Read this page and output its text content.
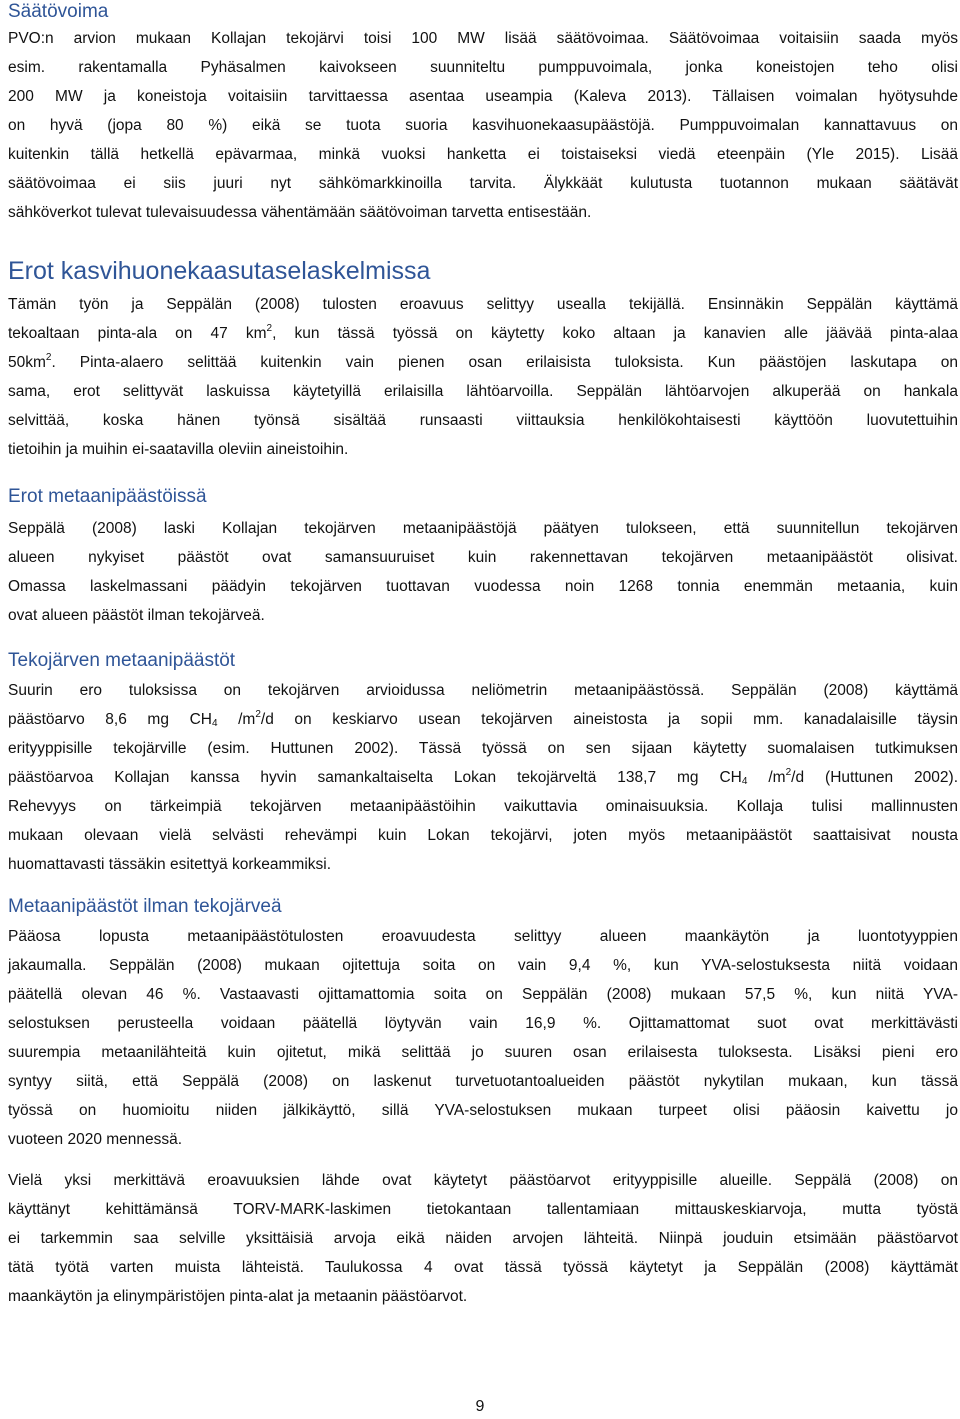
Säätövoima

PVO:n arvion mukaan Kollajan tekojärvi toisi 100 MW lisää säätövoimaa. Säätövoimaa voitaisiin saada myös
esim. rakentamalla Pyhäsalmen kaivokseen suunniteltu pumppuvoimala, jonka koneistojen teho olisi
200 MW ja koneistoja voitaisiin tarvittaessa asentaa useampia (Kaleva 2013). Tällaisen voimalan hyötysuhde
on hyvä (jopa 80 %) eikä se tuota suoria kasvihuonekaasupäästöjä. Pumppuvoimalan kannattavuus on
kuitenkin tällä hetkellä epävarmaa, minkä vuoksi hanketta ei toistaiseksi viedä eteenpäin (Yle 2015). Lisää
säätövoimaa ei siis juuri nyt sähkömarkkinoilla tarvita. Älykkäät kulutusta tuotannon mukaan säätävät
sähköverkot tulevat tulevaisuudessa vähentämään säätövoiman tarvetta entisestään.

Erot kasvihuonekaasutaselaskelmissa

Tämän työn ja Seppälän (2008) tulosten eroavuus selittyy usealla tekijällä. Ensinnäkin Seppälän käyttämä
tekoaltaan pinta-ala on 47 $km^2$, kun tässä työssä on käytetty koko altaan ja kanavien alle jäävää pinta-alaa
$50km^2$. Pinta-alaero selittää kuitenkin vain pienen osan erilaisista tuloksista. Kun päästöjen laskutapa on
sama, erot selittyvät laskuissa käytetyillä erilaisilla lähtöarvoilla. Seppälän lähtöarvojen alkuperää on hankala
selvittää, koska hänen työnsä sisältää runsaasti viittauksia henkilökohtaisesti käyttöön luovutettuihin
tietoihin ja muihin ei-saatavilla oleviin aineistoihin.

Erot metaanipäästöissä

Seppälä (2008) laski Kollajan tekojärven metaanipäästöjä päätyen tulokseen, että suunnitellun tekojärven
alueen nykyiset päästöt ovat samansuuruiset kuin rakennettavan tekojärven metaanipäästöt olisivat.
Omassa laskelmassani päädyin tekojärven tuottavan vuodessa noin 1268 tonnia enemmän metaania, kuin
ovat alueen päästöt ilman tekojärveä.

Tekojärven metaanipäästöt

Suurin ero tuloksissa on tekojärven arvioidussa neliömetrin metaanipäästössä. Seppälän (2008) käyttämä
päästöarvo 8,6 mg $CH_4$ $/m^2/d$ on keskiarvo usean tekojärven aineistosta ja sopii mm. kanadalaisille täysin
erityyppisille tekojärville (esim. Huttunen 2002). Tässä työssä on sen sijaan käytetty suomalaisen tutkimuksen
päästöarvoa Kollajan kanssa hyvin samankaltaiselta Lokan tekojärveltä 138,7 mg $CH_4$ $/m^2/d$ (Huttunen 2002).
Rehevyys on tärkeimpiä tekojärven metaanipäästöihin vaikuttavia ominaisuuksia. Kollaja tulisi mallinnusten
mukaan olevaan vielä selvästi rehevämpi kuin Lokan tekojärvi, joten myös metaanipäästöt saattaisivat nousta
huomattavasti tässäkin esitettyä korkeammiksi.

Metaanipäästöt ilman tekojärveä

Pääosa lopusta metaanipäästötulosten eroavuudesta selittyy alueen maankäytön ja luontotyyppien
jakaumalla. Seppälän (2008) mukaan ojitettuja soita on vain 9,4 %, kun YVA-selostuksesta niitä voidaan
päätellä olevan 46 %. Vastaavasti ojittamattomia soita on Seppälän (2008) mukaan 57,5 %, kun niitä YVA-
selostuksen perusteella voidaan päätellä löytyvän vain 16,9 %. Ojittamattomat suot ovat merkittävästi
suurempia metaanilähteitä kuin ojitetut, mikä selittää jo suuren osan erilaisesta tuloksesta. Lisäksi pieni ero
syntyy siitä, että Seppälä (2008) on laskenut turvetuotantoalueiden päästöt nykytilan mukaan, kun tässä
työssä on huomioitu niiden jälkikäyttö, sillä YVA-selostuksen mukaan turpeet olisi pääosin kaivettu jo
vuoteen 2020 mennessä.

Vielä yksi merkittävä eroavuuksien lähde ovat käytetyt päästöarvot erityyppisille alueille. Seppälä (2008) on
käyttänyt kehittämänsä TORV-MARK-laskimen tietokantaan tallentamiaan mittauskeskiarvoja, mutta työstä
ei tarkemmin saa selville yksittäisiä arvoja eikä näiden arvojen lähteitä. Niinpä jouduin etsimään päästöarvot
tätä työtä varten muista lähteistä. Taulukossa 4 ovat tässä työssä käytetyt ja Seppälän (2008) käyttämät
maankäytön ja elinympäristöjen pinta-alat ja metaanin päästöarvot.

9
